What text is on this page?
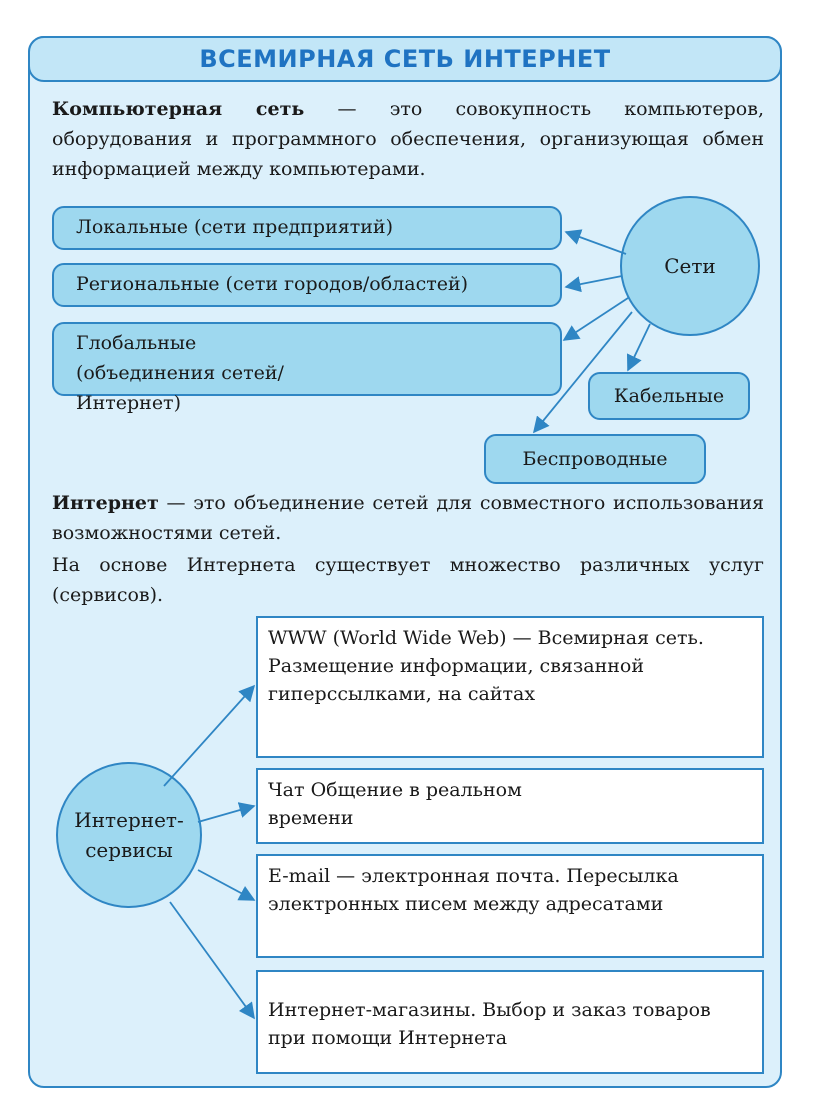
ВСЕМИРНАЯ СЕТЬ ИНТЕРНЕТ
Компьютерная сеть — это совокупность компьютеров, оборудования и программного обеспечения, организующая обмен информацией между компьютерами.
Локальные (сети предприятий)
Региональные (сети городов/областей)
Глобальные (объединения сетей/ Интернет)	Кабельные
Беспроводные
Сети
Интернет — это объединение сетей для совместного использования возможностями сетей.
На основе Интернета существует множество различных услуг (сервисов).
WWW (World Wide Web) — Всемирная сеть. Размещение информации, связанной гиперссылками, на сайтах
Чат Общение в реальном времени
E-mail — электронная почта. Пересылка электронных писем между адресатами
Интернет-магазины. Выбор и заказ товаров при помощи Интернета
Интернет-сервисы
